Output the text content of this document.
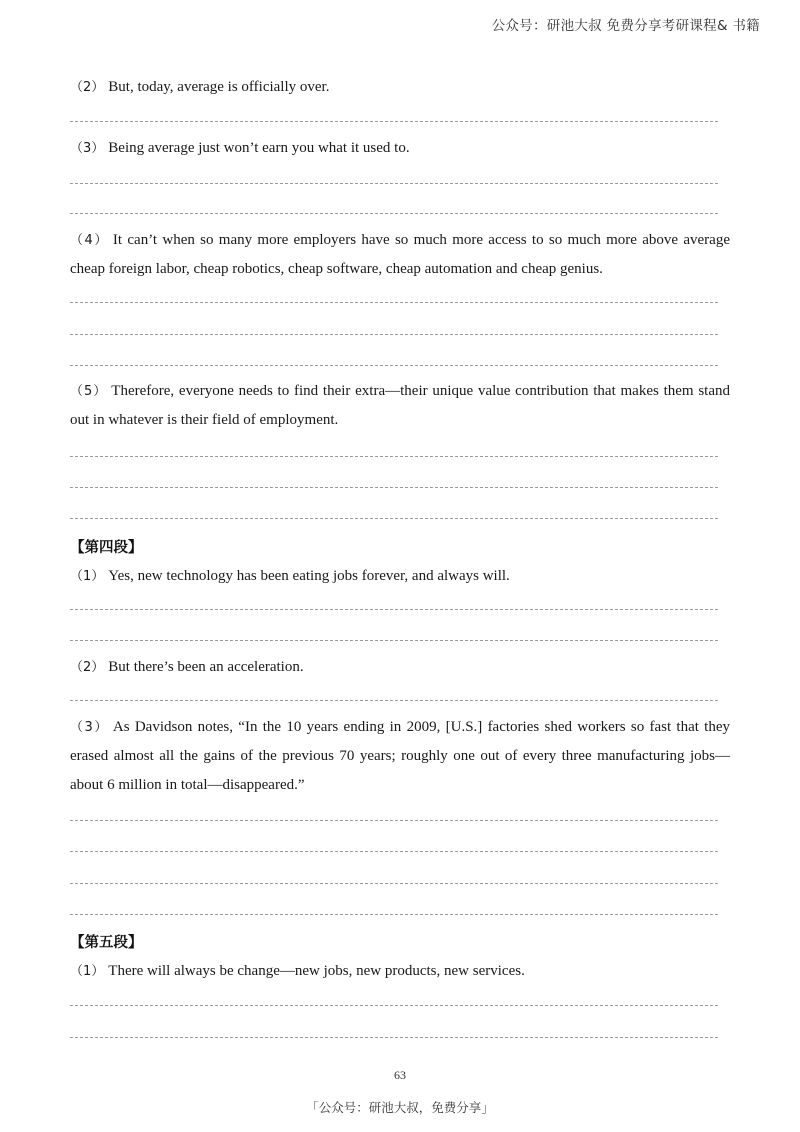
公众号：研池大叔 免费分享考研课程& 书籍
（2） But, today, average is officially over.
（3） Being average just won’t earn you what it used to.
（4） It can’t when so many more employers have so much more access to so much more above average cheap foreign labor, cheap robotics, cheap software, cheap automation and cheap genius.
（5） Therefore, everyone needs to find their extra—their unique value contribution that makes them stand out in whatever is their field of employment.
【第四段】
（1） Yes, new technology has been eating jobs forever, and always will.
（2） But there’s been an acceleration.
（3） As Davidson notes, “In the 10 years ending in 2009, [U.S.] factories shed workers so fast that they erased almost all the gains of the previous 70 years; roughly one out of every three manufacturing jobs—about 6 million in total—disappeared.”
【第五段】
（1） There will always be change—new jobs, new products, new services.
63
「公众号：研池大叔，免费分享」
